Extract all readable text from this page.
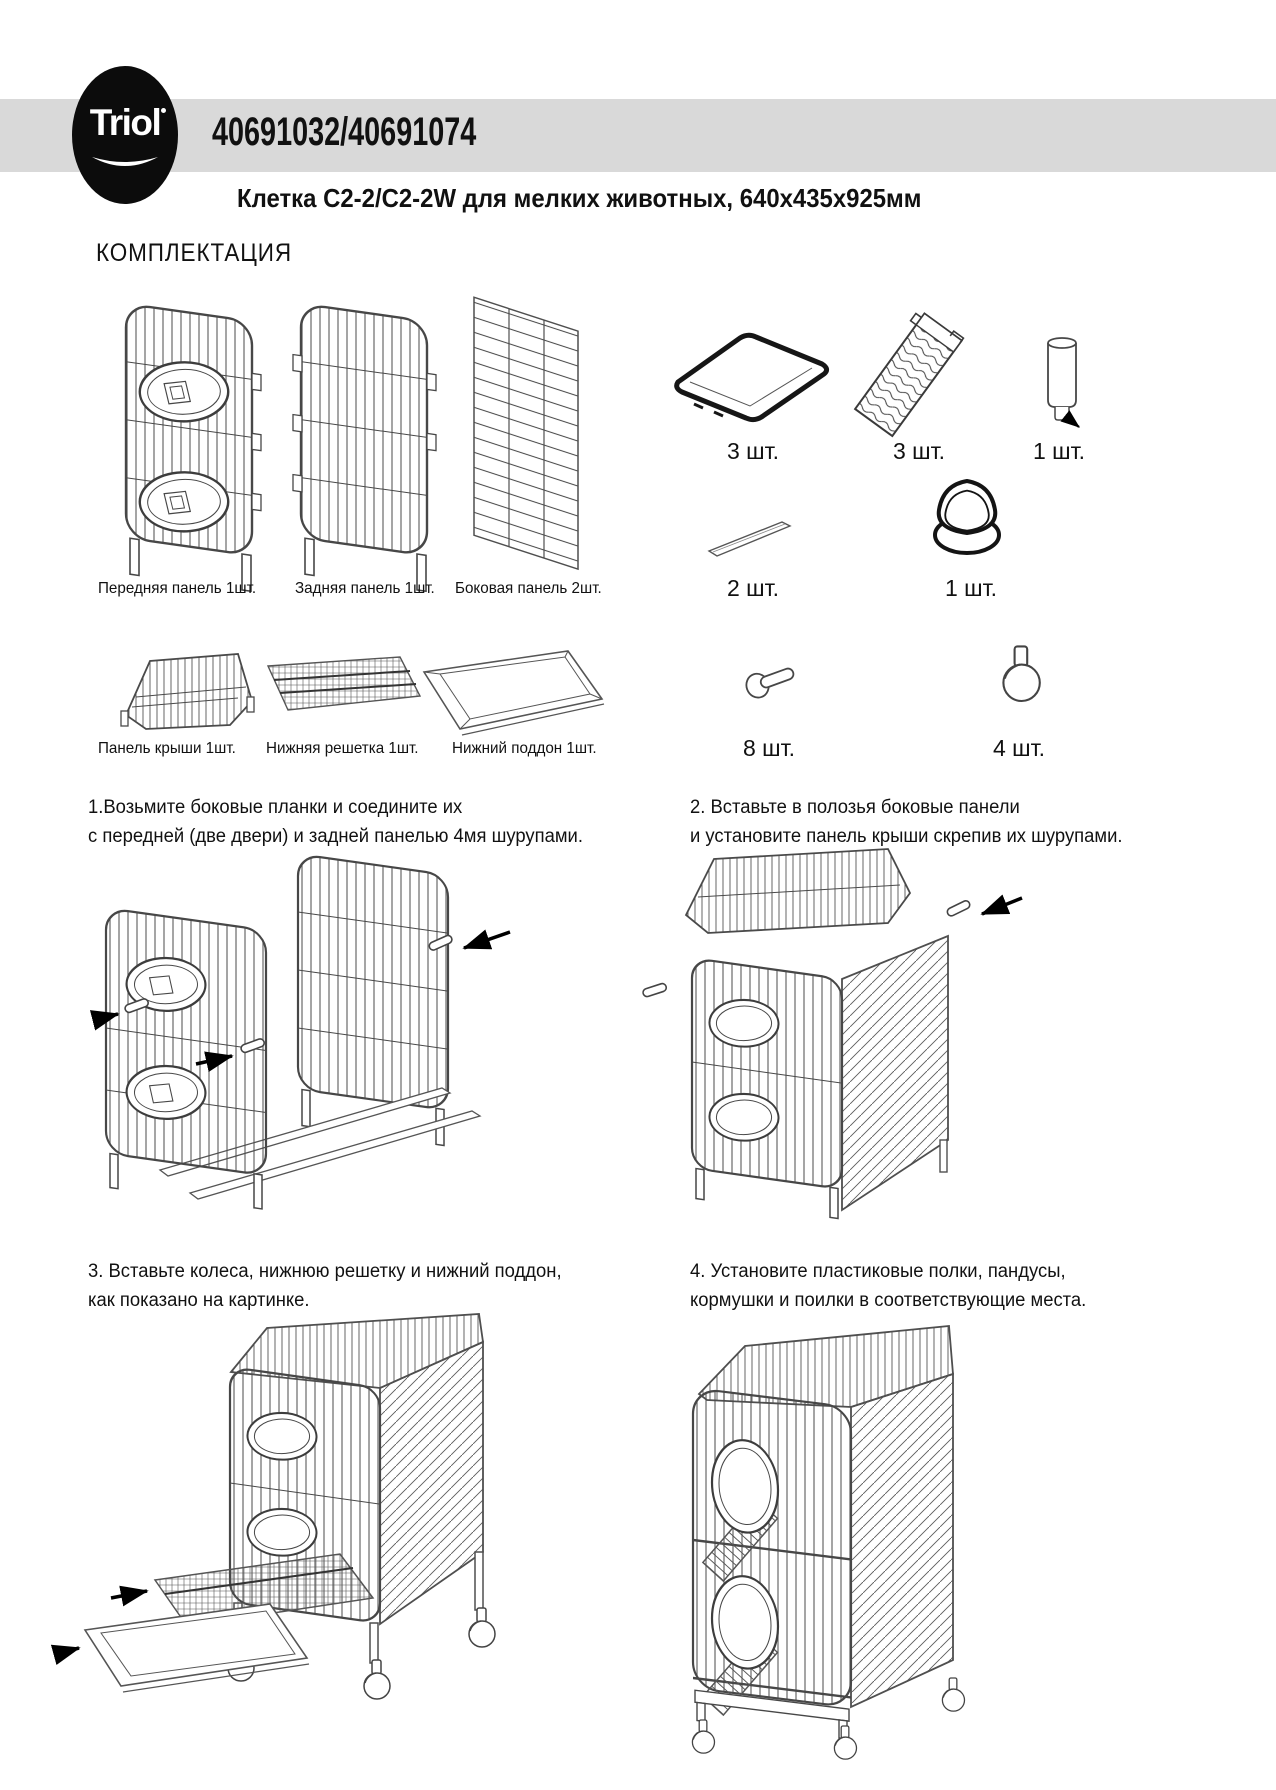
Triol	40691032/40691074
Клетка C2-2/C2-2W для мелких животных, 640х435х925мм
КОМПЛЕКТАЦИЯ
Передняя панель 1шт. Задняя панель 1шт. Боковая панель 2шт.
3 шт.	3 шт.	1 шт.
2 шт.	1 шт.
Панель крыши 1шт. Нижняя решетка 1шт. Нижний поддон 1шт.	8 шт.	4 шт.
1.Возьмите боковые планки и соедините их
с передней (две двери) и задней панелью 4мя шурупами.
2. Вставьте в полозья боковые панели
и установите панель крыши скрепив их шурупами.
3. Вставьте колеса, нижнюю решетку и нижний поддон,
как показано на картинке.
4. Установите пластиковые полки, пандусы,
кормушки и поилки в соответствующие места.
